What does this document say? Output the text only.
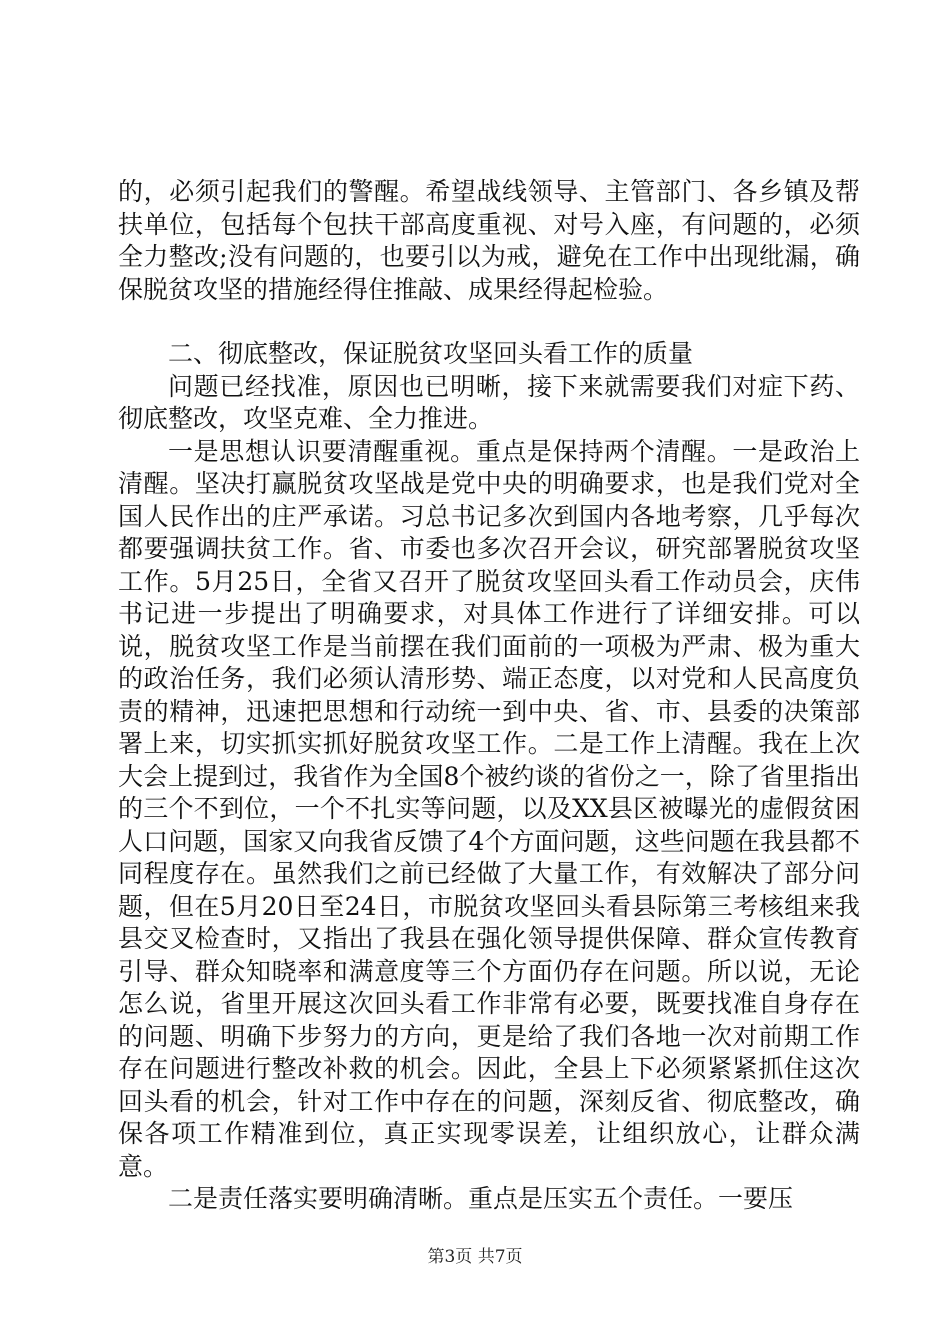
的，必须引起我们的警醒。希望战线领导、主管部门、各乡镇及帮扶单位，包括每个包扶干部高度重视、对号入座，有问题的，必须全力整改;没有问题的，也要引以为戒，避免在工作中出现纰漏，确保脱贫攻坚的措施经得住推敲、成果经得起检验。

二、彻底整改，保证脱贫攻坚回头看工作的质量

问题已经找准，原因也已明晰，接下来就需要我们对症下药、彻底整改，攻坚克难、全力推进。

一是思想认识要清醒重视。重点是保持两个清醒。一是政治上清醒。坚决打赢脱贫攻坚战是党中央的明确要求，也是我们党对全国人民作出的庄严承诺。习总书记多次到国内各地考察，几乎每次都要强调扶贫工作。省、市委也多次召开会议，研究部署脱贫攻坚工作。5月25日，全省又召开了脱贫攻坚回头看工作动员会，庆伟书记进一步提出了明确要求，对具体工作进行了详细安排。可以说，脱贫攻坚工作是当前摆在我们面前的一项极为严肃、极为重大的政治任务，我们必须认清形势、端正态度，以对党和人民高度负责的精神，迅速把思想和行动统一到中央、省、市、县委的决策部署上来，切实抓实抓好脱贫攻坚工作。二是工作上清醒。我在上次大会上提到过，我省作为全国8个被约谈的省份之一，除了省里指出的三个不到位，一个不扎实等问题，以及XX县区被曝光的虚假贫困人口问题，国家又向我省反馈了4个方面问题，这些问题在我县都不同程度存在。虽然我们之前已经做了大量工作，有效解决了部分问题，但在5月20日至24日，市脱贫攻坚回头看县际第三考核组来我县交叉检查时，又指出了我县在强化领导提供保障、群众宣传教育引导、群众知晓率和满意度等三个方面仍存在问题。所以说，无论怎么说，省里开展这次回头看工作非常有必要，既要找准自身存在的问题、明确下步努力的方向，更是给了我们各地一次对前期工作存在问题进行整改补救的机会。因此，全县上下必须紧紧抓住这次回头看的机会，针对工作中存在的问题，深刻反省、彻底整改，确保各项工作精准到位，真正实现零误差，让组织放心，让群众满意。

二是责任落实要明确清晰。重点是压实五个责任。一要压

第3页 共7页
